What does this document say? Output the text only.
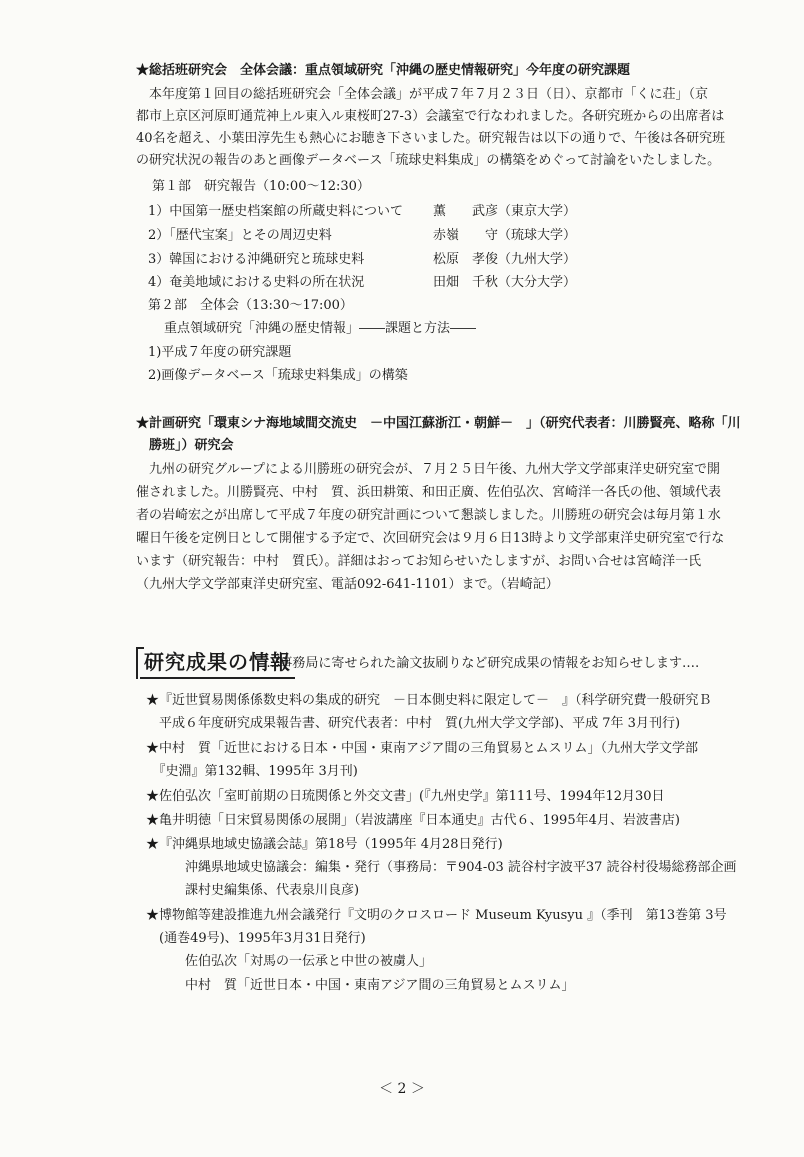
★総括班研究会　全体会議：重点領域研究「沖縄の歴史情報研究」今年度の研究課題
　本年度第１回目の総括班研究会「全体会議」が平成７年７月２３日（日）、京都市「くに荘」（京
都市上京区河原町通荒神上ル東入ル東桜町27-3）会議室で行なわれました。各研究班からの出席者は
40名を超え、小葉田淳先生も熱心にお聴き下さいました。研究報告は以下の通りで、午後は各研究班
の研究状況の報告のあと画像データベース「琉球史料集成」の構築をめぐって討論をいたしました。
第１部　研究報告（10:00～12:30）
1）中国第一歴史档案館の所蔵史料について 薫　　武彦（東京大学）
2）「歴代宝案」とその周辺史料	赤嶺　　守（琉球大学）
3）韓国における沖縄研究と琉球史料	松原　孝俊（九州大学）
4）奄美地域における史料の所在状況	田畑　千秋（大分大学）
第２部　全体会（13:30～17:00）
重点領域研究「沖縄の歴史情報」――課題と方法――
1)平成７年度の研究課題
2)画像データベース「琉球史料集成」の構築
★計画研究「環東シナ海地域間交流史　－中国江蘇浙江・朝鮮－　」（研究代表者：川勝賢亮、略称「川
　勝班」）研究会
　九州の研究グループによる川勝班の研究会が、７月２５日午後、九州大学文学部東洋史研究室で開
催されました。川勝賢亮、中村　質、浜田耕策、和田正廣、佐伯弘次、宮崎洋一各氏の他、領域代表
者の岩崎宏之が出席して平成７年度の研究計画について懇談しました。川勝班の研究会は毎月第１水
曜日午後を定例日として開催する予定で、次回研究会は９月６日13時より文学部東洋史研究室で行な
います（研究報告：中村　質氏）。詳細はおってお知らせいたしますが、お問い合せは宮崎洋一氏
（九州大学文学部東洋史研究室、電話092-641-1101）まで。（岩崎記）
研究成果の情報
‥‥事務局に寄せられた論文抜刷りなど研究成果の情報をお知らせします‥‥
★『近世貿易関係係数史料の集成的研究　－日本側史料に限定して－　』（科学研究費一般研究Ｂ
　平成６年度研究成果報告書、研究代表者：中村　質(九州大学文学部)、平成 7年 3月刊行)
★中村　質「近世における日本・中国・東南アジア間の三角貿易とムスリム」（九州大学文学部
　『史淵』第132輯、1995年 3月刊)
★佐伯弘次「室町前期の日琉関係と外交文書」(『九州史学』第111号、1994年12月30日
★亀井明徳「日宋貿易関係の展開」（岩波講座『日本通史』古代６、1995年4月、岩波書店)
★『沖縄県地域史協議会誌』第18号（1995年 4月28日発行)
　　　沖縄県地域史協議会：編集・発行（事務局：〒904-03 読谷村字波平37 読谷村役場総務部企画
　　　課村史編集係、代表泉川良彦)
★博物館等建設推進九州会議発行『文明のクロスロード Museum Kyusyu 』（季刊　第13巻第 3号
　(通巻49号)、1995年3月31日発行)
　　　佐伯弘次「対馬の一伝承と中世の被虜人」
　　　中村　質「近世日本・中国・東南アジア間の三角貿易とムスリム」
＜ 2 ＞
